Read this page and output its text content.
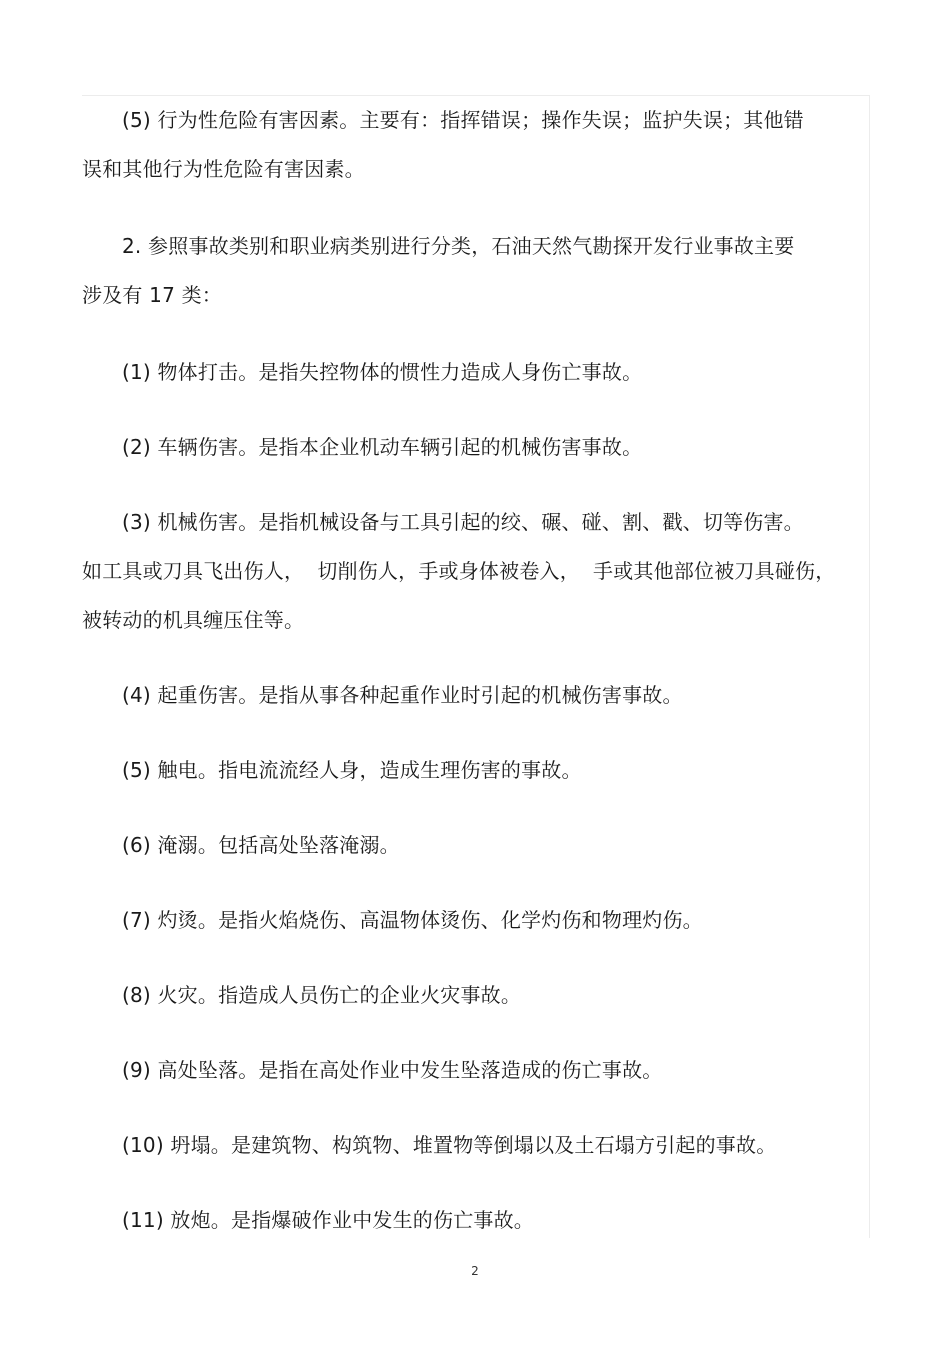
(5) 行为性危险有害因素。主要有：指挥错误；操作失误；监护失误；其他错
误和其他行为性危险有害因素。

2. 参照事故类别和职业病类别进行分类，石油天然气勘探开发行业事故主要
涉及有 17 类：

(1) 物体打击。是指失控物体的惯性力造成人身伤亡事故。

(2) 车辆伤害。是指本企业机动车辆引起的机械伤害事故。

(3) 机械伤害。是指机械设备与工具引起的绞、碾、碰、割、戳、切等伤害。
如工具或刀具飞出伤人，  切削伤人，手或身体被卷入，  手或其他部位被刀具碰伤，
被转动的机具缠压住等。

(4) 起重伤害。是指从事各种起重作业时引起的机械伤害事故。

(5) 触电。指电流流经人身，造成生理伤害的事故。

(6) 淹溺。包括高处坠落淹溺。

(7) 灼烫。是指火焰烧伤、高温物体烫伤、化学灼伤和物理灼伤。

(8) 火灾。指造成人员伤亡的企业火灾事故。

(9) 高处坠落。是指在高处作业中发生坠落造成的伤亡事故。

(10) 坍塌。是建筑物、构筑物、堆置物等倒塌以及土石塌方引起的事故。

(11) 放炮。是指爆破作业中发生的伤亡事故。

2
